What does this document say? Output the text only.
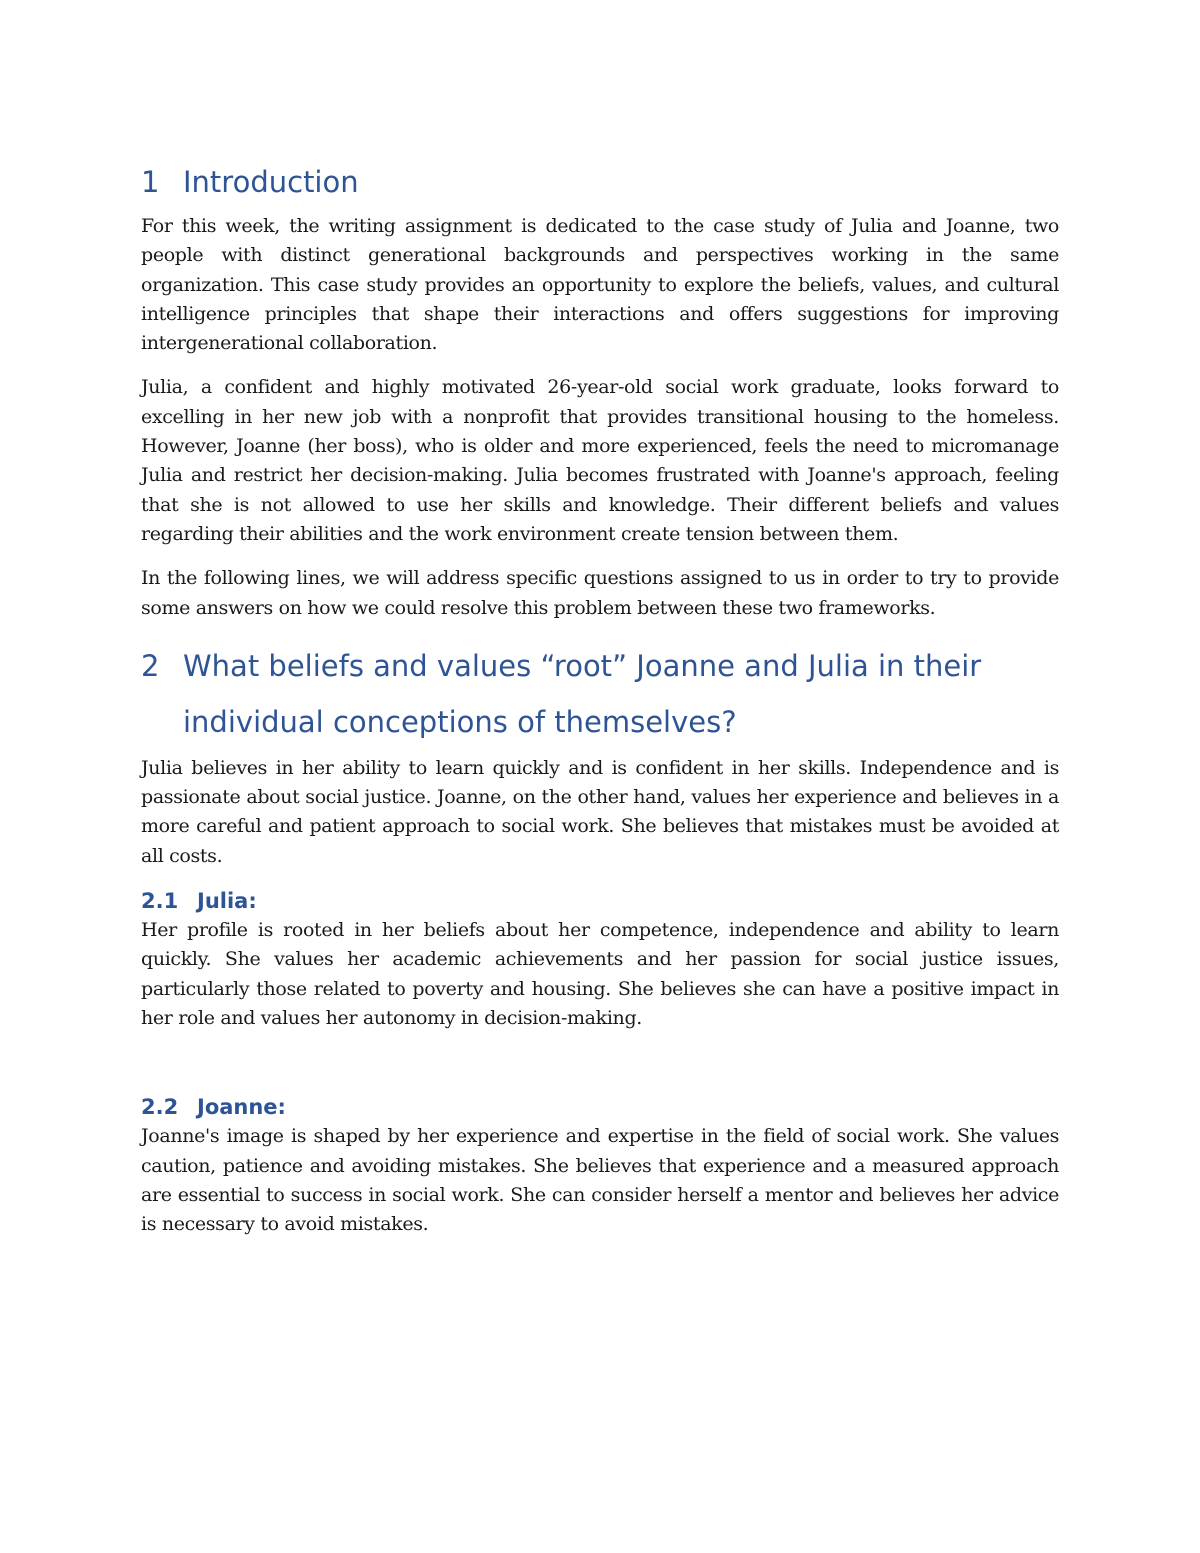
1 Introduction

For this week, the writing assignment is dedicated to the case study of Julia and Joanne, two people with distinct generational backgrounds and perspectives working in the same organization. This case study provides an opportunity to explore the beliefs, values, and cultural intelligence principles that shape their interactions and offers suggestions for improving intergenerational collaboration.

Julia, a confident and highly motivated 26-year-old social work graduate, looks forward to excelling in her new job with a nonprofit that provides transitional housing to the homeless. However, Joanne (her boss), who is older and more experienced, feels the need to micromanage Julia and restrict her decision-making. Julia becomes frustrated with Joanne's approach, feeling that she is not allowed to use her skills and knowledge. Their different beliefs and values regarding their abilities and the work environment create tension between them.

In the following lines, we will address specific questions assigned to us in order to try to provide some answers on how we could resolve this problem between these two frameworks.

2 What beliefs and values “root” Joanne and Julia in their individual conceptions of themselves?

Julia believes in her ability to learn quickly and is confident in her skills. Independence and is passionate about social justice. Joanne, on the other hand, values her experience and believes in a more careful and patient approach to social work. She believes that mistakes must be avoided at all costs.

2.1 Julia:

Her profile is rooted in her beliefs about her competence, independence and ability to learn quickly. She values her academic achievements and her passion for social justice issues, particularly those related to poverty and housing. She believes she can have a positive impact in her role and values her autonomy in decision-making.

2.2 Joanne:

Joanne's image is shaped by her experience and expertise in the field of social work. She values caution, patience and avoiding mistakes. She believes that experience and a measured approach are essential to success in social work. She can consider herself a mentor and believes her advice is necessary to avoid mistakes.
